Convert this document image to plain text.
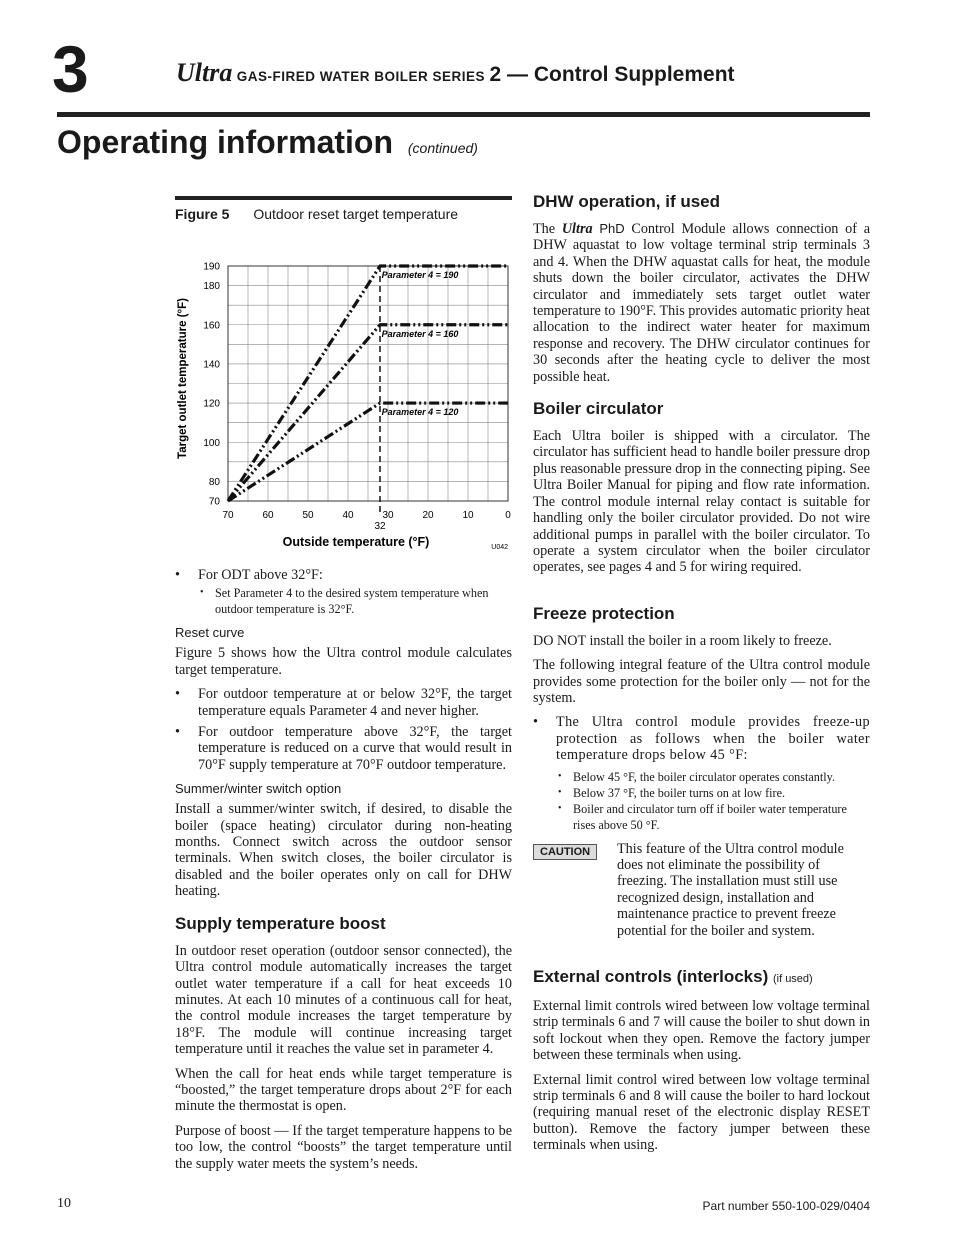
3	Ultra GAS-FIRED WATER BOILER SERIES 2 — Control Supplement
Operating information (continued)
Figure 5 Outdoor reset target temperature
32
70	60	50	40	30	20	10	0
70
80
100
120
140
160
180
190
Outside temperature (°F)
Target outlet temperature (°F)
U042
Parameter 4 = 190
Parameter 4 = 160
Parameter 4 = 120
• For ODT above 32°F:
• Set Parameter 4 to the desired system temperature when outdoor temperature is 32°F.
Reset curve

Figure 5 shows how the Ultra control module calculates target temperature.

• For outdoor temperature at or below 32°F, the target temperature equals Parameter 4 and never higher.
• For outdoor temperature above 32°F, the target temperature is reduced on a curve that would result in 70°F supply temperature at 70°F outdoor temperature.
Summer/winter switch option

Install a summer/winter switch, if desired, to disable the boiler (space heating) circulator during non-heating months. Connect switch across the outdoor sensor terminals. When switch closes, the boiler circulator is disabled and the boiler operates only on call for DHW heating.

Supply temperature boost

In outdoor reset operation (outdoor sensor connected), the Ultra control module automatically increases the target outlet water temperature if a call for heat exceeds 10 minutes. At each 10 minutes of a continuous call for heat, the control module increases the target temperature by 18°F. The module will continue increasing target temperature until it reaches the value set in parameter 4.

When the call for heat ends while target temperature is “boosted,” the target temperature drops about 2°F for each minute the thermostat is open.

Purpose of boost — If the target temperature happens to be too low, the control “boosts” the target temperature until the supply water meets the system’s needs.

DHW operation, if used

The Ultra PhD Control Module allows connection of a DHW aquastat to low voltage terminal strip terminals 3 and 4. When the DHW aquastat calls for heat, the module shuts down the boiler circulator, activates the DHW circulator and immediately sets target outlet water temperature to 190°F. This provides automatic priority heat allocation to the indirect water heater for maximum response and recovery. The DHW circulator continues for 30 seconds after the heating cycle to deliver the most possible heat.

Boiler circulator

Each Ultra boiler is shipped with a circulator. The circulator has sufficient head to handle boiler pressure drop plus reasonable pressure drop in the connecting piping. See Ultra Boiler Manual for piping and flow rate information. The control module internal relay contact is suitable for handling only the boiler circulator provided. Do not wire additional pumps in parallel with the boiler circulator. To operate a system circulator when the boiler circulator operates, see pages 4 and 5 for wiring required.

Freeze protection

DO NOT install the boiler in a room likely to freeze.

The following integral feature of the Ultra control module provides some protection for the boiler only — not for the system.

• The Ultra control module provides freeze-up protection as follows when the boiler water temperature drops below 45 °F:
• Below 45 °F, the boiler circulator operates constantly.
• Below 37 °F, the boiler turns on at low fire.
• Boiler and circulator turn off if boiler water temperature rises above 50 °F.
CAUTION	This feature of the Ultra control module does not eliminate the possibility of freezing. The installation must still use recognized design, installation and maintenance practice to prevent freeze potential for the boiler and system.

External controls (interlocks) (if used)

External limit controls wired between low voltage terminal strip terminals 6 and 7 will cause the boiler to shut down in soft lockout when they open. Remove the factory jumper between these terminals when using.

External limit control wired between low voltage terminal strip terminals 6 and 8 will cause the boiler to hard lockout (requiring manual reset of the electronic display RESET button). Remove the factory jumper between these terminals when using.

10	Part number 550-100-029/0404
